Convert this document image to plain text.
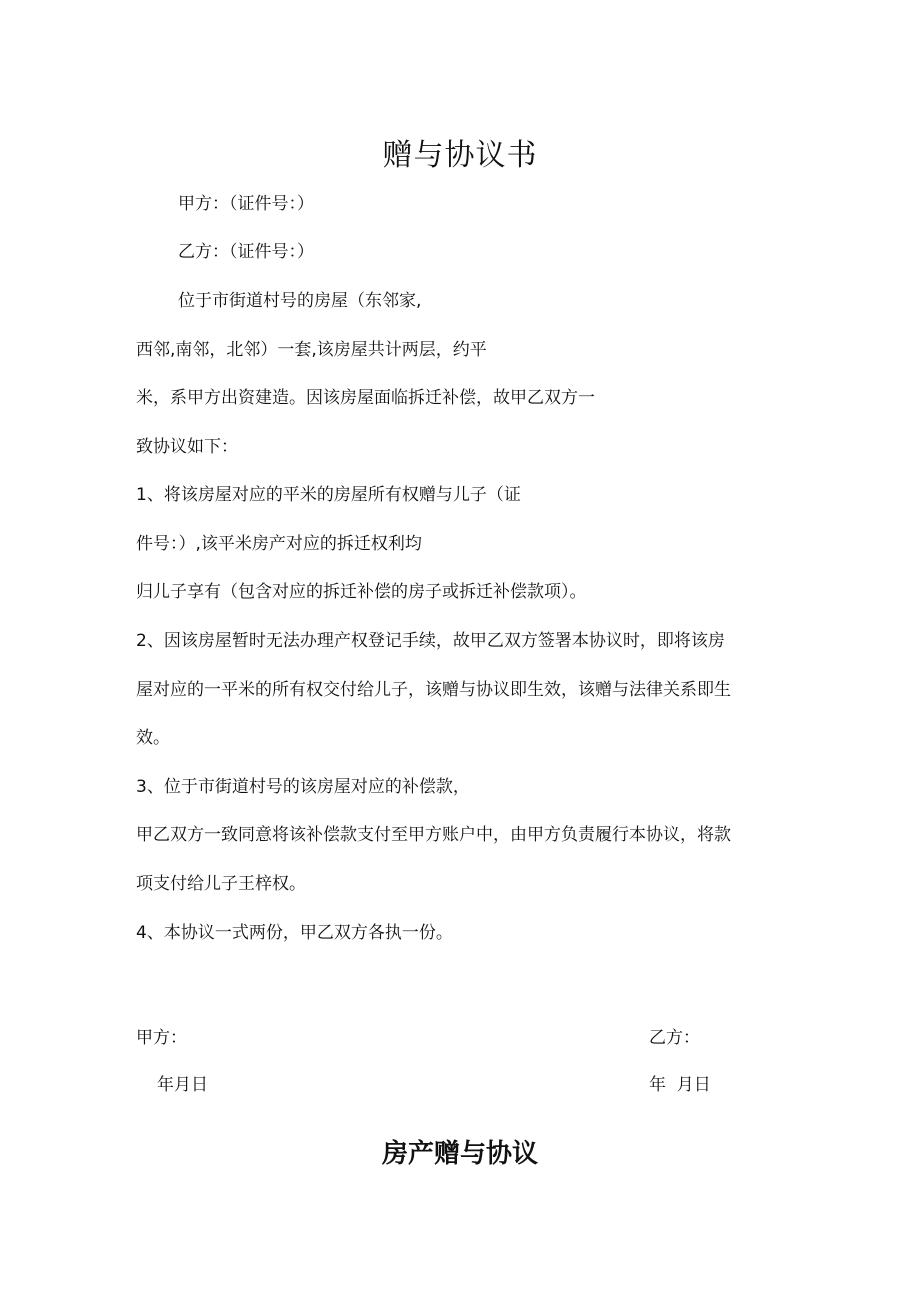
赠与协议书
甲方：（证件号：）
乙方：（证件号：）
位于市街道村号的房屋（东邻家,
西邻,南邻，北邻）一套,该房屋共计两层，约平
米，系甲方出资建造。因该房屋面临拆迁补偿，故甲乙双方一
致协议如下：
1、将该房屋对应的平米的房屋所有权赠与儿子（证
件号：）,该平米房产对应的拆迁权利均
归儿子享有（包含对应的拆迁补偿的房子或拆迁补偿款项）。
2、因该房屋暂时无法办理产权登记手续，故甲乙双方签署本协议时，即将该房
屋对应的一平米的所有权交付给儿子，该赠与协议即生效，该赠与法律关系即生
效。
3、位于市街道村号的该房屋对应的补偿款，
甲乙双方一致同意将该补偿款支付至甲方账户中，由甲方负责履行本协议，将款
项支付给儿子王梓权。
4、本协议一式两份，甲乙双方各执一份。
甲方：
年月日
乙方：
年  月日
房产赠与协议
